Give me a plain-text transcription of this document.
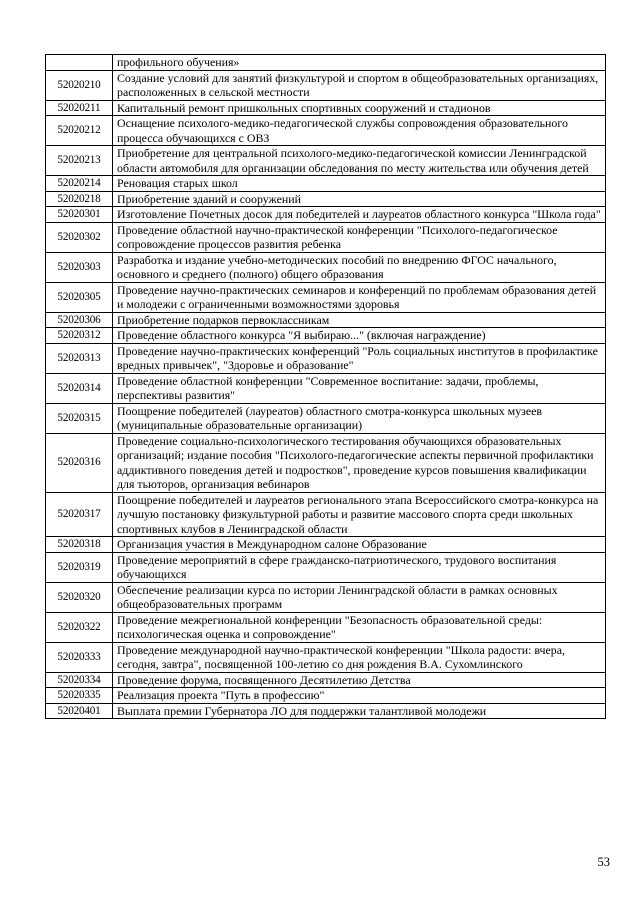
	профильного обучения»
52020210	Создание условий для занятий физкультурой и спортом в общеобразовательных организациях, расположенных в сельской местности
52020211	Капитальный ремонт пришкольных спортивных сооружений и стадионов
52020212	Оснащение психолого-медико-педагогической службы сопровождения образовательного процесса обучающихся с ОВЗ
52020213	Приобретение для центральной психолого-медико-педагогической комиссии Ленинградской области автомобиля для организации обследования по месту жительства или обучения детей
52020214	Реновация старых школ
52020218	Приобретение зданий и сооружений
52020301	Изготовление Почетных досок для победителей и лауреатов областного конкурса "Школа года"
52020302	Проведение областной научно-практической конференции "Психолого-педагогическое сопровождение процессов развития ребенка
52020303	Разработка и издание учебно-методических пособий по внедрению ФГОС начального, основного и среднего (полного) общего образования
52020305	Проведение научно-практических семинаров и конференций по проблемам образования детей и молодежи с ограниченными возможностями здоровья
52020306	Приобретение подарков первоклассникам
52020312	Проведение областного конкурса "Я выбираю..." (включая награждение)
52020313	Проведение научно-практических конференций "Роль социальных институтов в профилактике вредных привычек", "Здоровье и образование"
52020314	Проведение областной конференции "Современное воспитание: задачи, проблемы, перспективы развития"
52020315	Поощрение победителей (лауреатов) областного смотра-конкурса школьных музеев (муниципальные образовательные организации)
52020316	Проведение социально-психологического тестирования обучающихся образовательных организаций; издание пособия "Психолого-педагогические аспекты первичной профилактики аддиктивного поведения детей и подростков", проведение курсов повышения квалификации для тьюторов, организация вебинаров
52020317	Поощрение победителей и лауреатов регионального этапа Всероссийского смотра-конкурса на лучшую постановку физкультурной работы и развитие массового спорта среди школьных спортивных клубов в Ленинградской области
52020318	Организация участия в Международном салоне Образование
52020319	Проведение мероприятий в сфере гражданско-патриотического, трудового воспитания обучающихся
52020320	Обеспечение реализации курса по истории Ленинградской области в рамках основных общеобразовательных программ
52020322	Проведение межрегиональной конференции "Безопасность образовательной среды: психологическая оценка и сопровождение"
52020333	Проведение международной научно-практической конференции "Школа радости: вчера, сегодня, завтра", посвященной 100-летию со дня рождения В.А. Сухомлинского
52020334	Проведение форума, посвященного Десятилетию Детства
52020335	Реализация проекта "Путь в профессию"
52020401	Выплата премии Губернатора ЛО для поддержки талантливой молодежи
53
